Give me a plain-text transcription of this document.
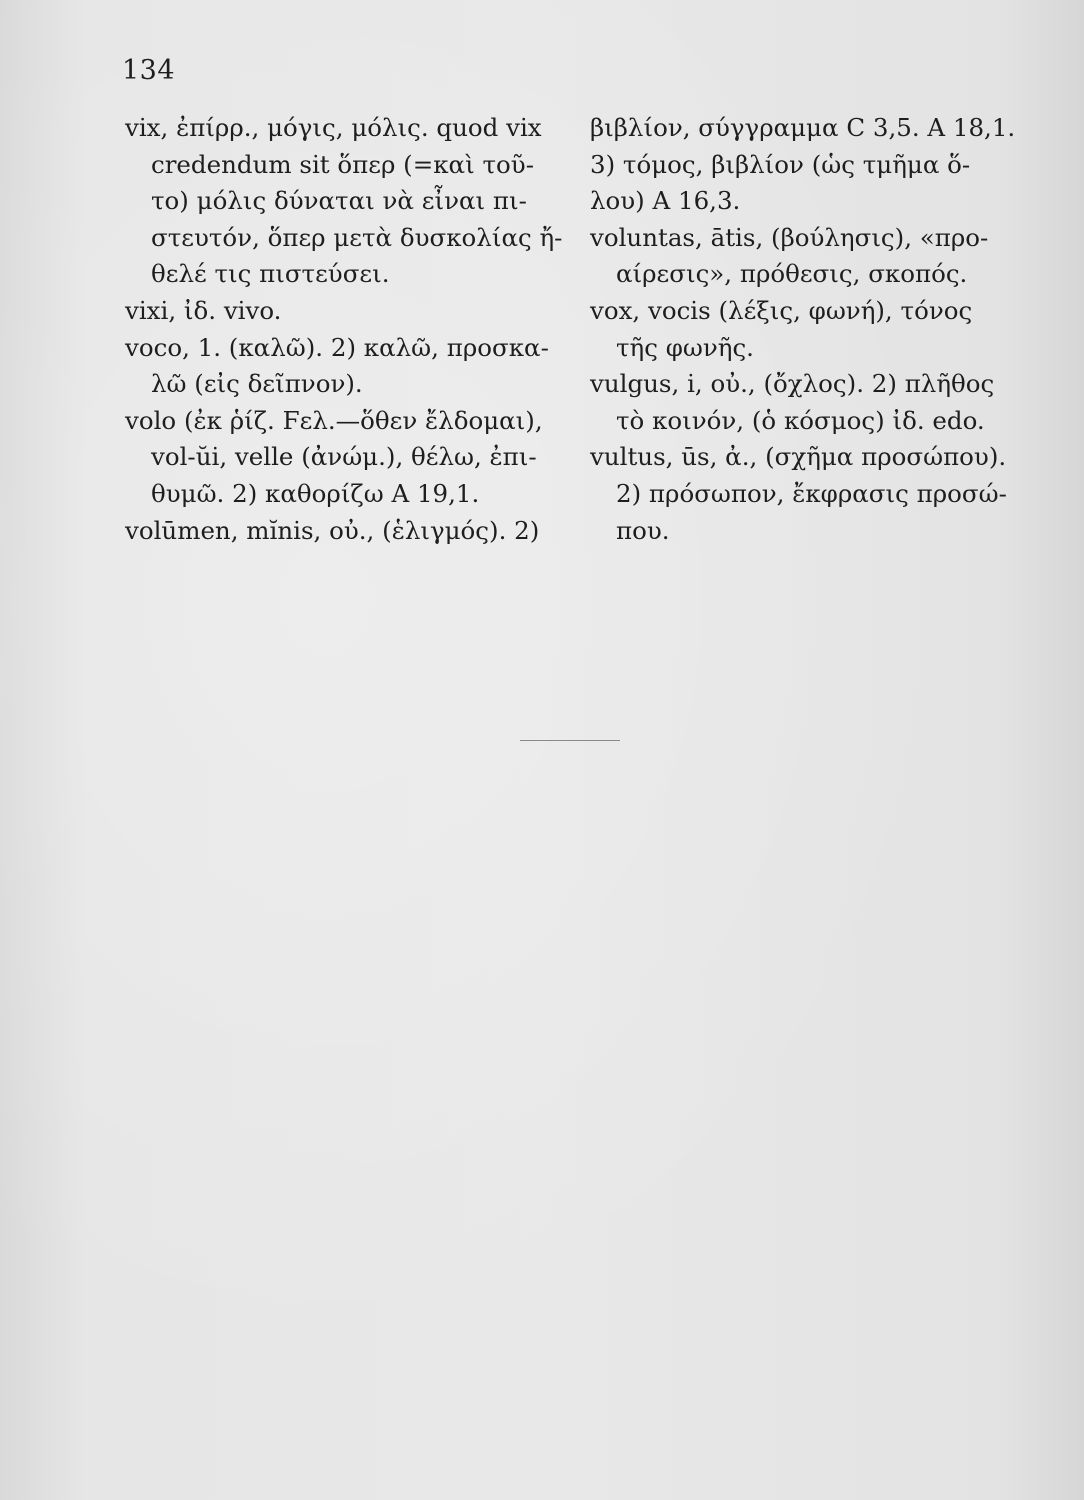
134
vix, ἐπίρρ., μόγις, μόλις. quod vix
credendum sit ὅπερ (=καὶ τοῦ-
το) μόλις δύναται νὰ εἶναι πι-
στευτόν, ὅπερ μετὰ δυσκολίας ἤ-
θελέ τις πιστεύσει.
vixi, ἰδ. vivo.
voco, 1. (καλῶ). 2) καλῶ, προσκα-
λῶ (εἰς δεῖπνον).
volo (ἐκ ῥίζ. Ϝελ.—ὅθεν ἔλδομαι),
vol-ŭi, velle (ἀνώμ.), θέλω, ἐπι-
θυμῶ. 2) καθορίζω Α 19,1.
volūmen, mĭnis, οὐ., (ἑλιγμός). 2)
βιβλίον, σύγγραμμα C 3,5. A 18,1.
3) τόμος, βιβλίον (ὡς τμῆμα ὅ-
λου) A 16,3.
voluntas, ātis, (βούλησις), «προ-
αίρεσις», πρόθεσις, σκοπός.
vox, vocis (λέξις, φωνή), τόνος
τῆς φωνῆς.
vulgus, i, οὐ., (ὄχλος). 2) πλῆθος
τὸ κοινόν, (ὁ κόσμος) ἰδ. edo.
vultus, ūs, ἀ., (σχῆμα προσώπου).
2) πρόσωπον, ἔκφρασις προσώ-
που.
